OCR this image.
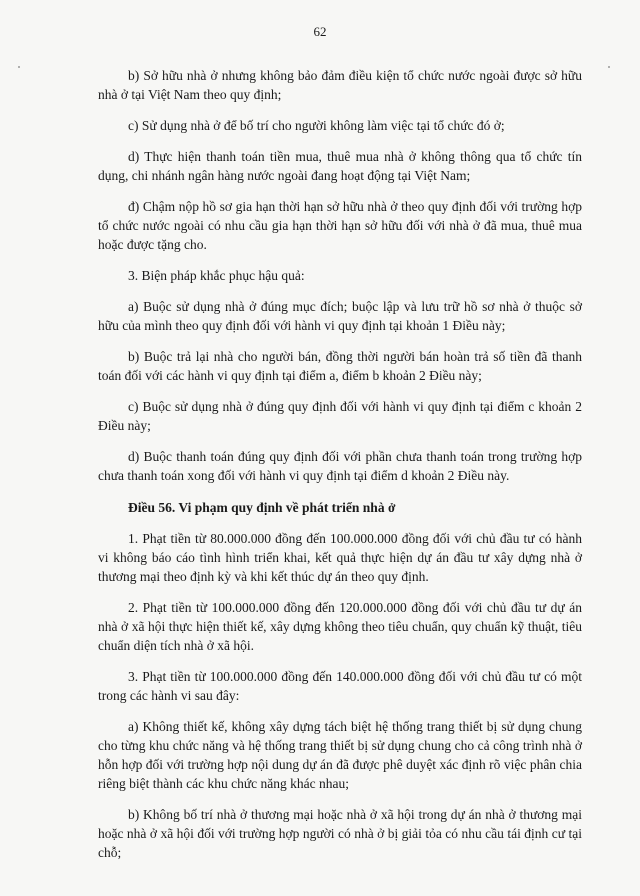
62

b) Sở hữu nhà ở nhưng không bảo đảm điều kiện tổ chức nước ngoài được sở hữu nhà ở tại Việt Nam theo quy định;

c) Sử dụng nhà ở để bố trí cho người không làm việc tại tổ chức đó ở;

d) Thực hiện thanh toán tiền mua, thuê mua nhà ở không thông qua tổ chức tín dụng, chi nhánh ngân hàng nước ngoài đang hoạt động tại Việt Nam;

đ) Chậm nộp hồ sơ gia hạn thời hạn sở hữu nhà ở theo quy định đối với trường hợp tổ chức nước ngoài có nhu cầu gia hạn thời hạn sở hữu đối với nhà ở đã mua, thuê mua hoặc được tặng cho.

3. Biện pháp khắc phục hậu quả:

a) Buộc sử dụng nhà ở đúng mục đích; buộc lập và lưu trữ hồ sơ nhà ở thuộc sở hữu của mình theo quy định đối với hành vi quy định tại khoản 1 Điều này;

b) Buộc trả lại nhà cho người bán, đồng thời người bán hoàn trả số tiền đã thanh toán đối với các hành vi quy định tại điểm a, điểm b khoản 2 Điều này;

c) Buộc sử dụng nhà ở đúng quy định đối với hành vi quy định tại điểm c khoản 2 Điều này;

d) Buộc thanh toán đúng quy định đối với phần chưa thanh toán trong trường hợp chưa thanh toán xong đối với hành vi quy định tại điểm d khoản 2 Điều này.

Điều 56. Vi phạm quy định về phát triển nhà ở

1. Phạt tiền từ 80.000.000 đồng đến 100.000.000 đồng đối với chủ đầu tư có hành vi không báo cáo tình hình triển khai, kết quả thực hiện dự án đầu tư xây dựng nhà ở thương mại theo định kỳ và khi kết thúc dự án theo quy định.

2. Phạt tiền từ 100.000.000 đồng đến 120.000.000 đồng đối với chủ đầu tư dự án nhà ở xã hội thực hiện thiết kế, xây dựng không theo tiêu chuẩn, quy chuẩn kỹ thuật, tiêu chuẩn diện tích nhà ở xã hội.

3. Phạt tiền từ 100.000.000 đồng đến 140.000.000 đồng đối với chủ đầu tư có một trong các hành vi sau đây:

a) Không thiết kế, không xây dựng tách biệt hệ thống trang thiết bị sử dụng chung cho từng khu chức năng và hệ thống trang thiết bị sử dụng chung cho cả công trình nhà ở hỗn hợp đối với trường hợp nội dung dự án đã được phê duyệt xác định rõ việc phân chia riêng biệt thành các khu chức năng khác nhau;

b) Không bố trí nhà ở thương mại hoặc nhà ở xã hội trong dự án nhà ở thương mại hoặc nhà ở xã hội đối với trường hợp người có nhà ở bị giải tỏa có nhu cầu tái định cư tại chỗ;
